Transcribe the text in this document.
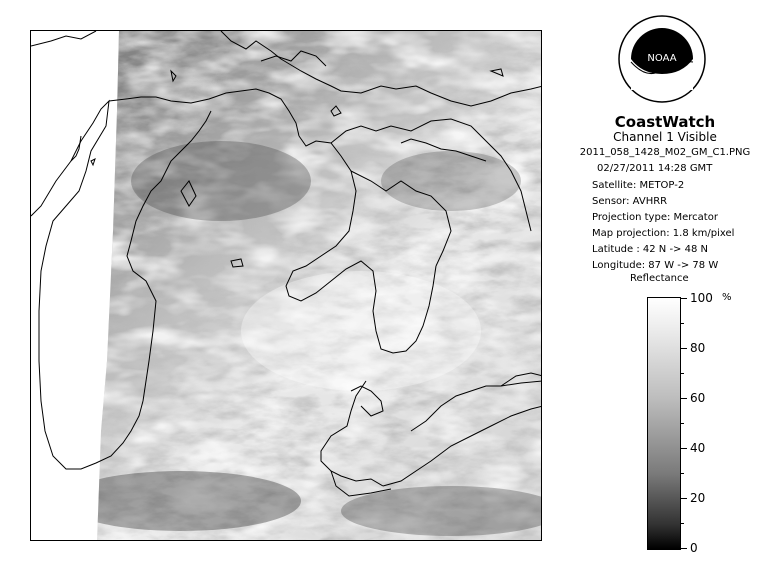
NOAA
CoastWatch
Channel 1 Visible
2011_058_1428_M02_GM_C1.PNG
02/27/2011 14:28 GMT
Satellite: METOP-2
Sensor: AVHRR
Projection type: Mercator
Map projection: 1.8 km/pixel
Latitude : 42 N -> 48 N
Longitude: 87 W -> 78 W
Reflectance
%
100
80
60
40
20
0
